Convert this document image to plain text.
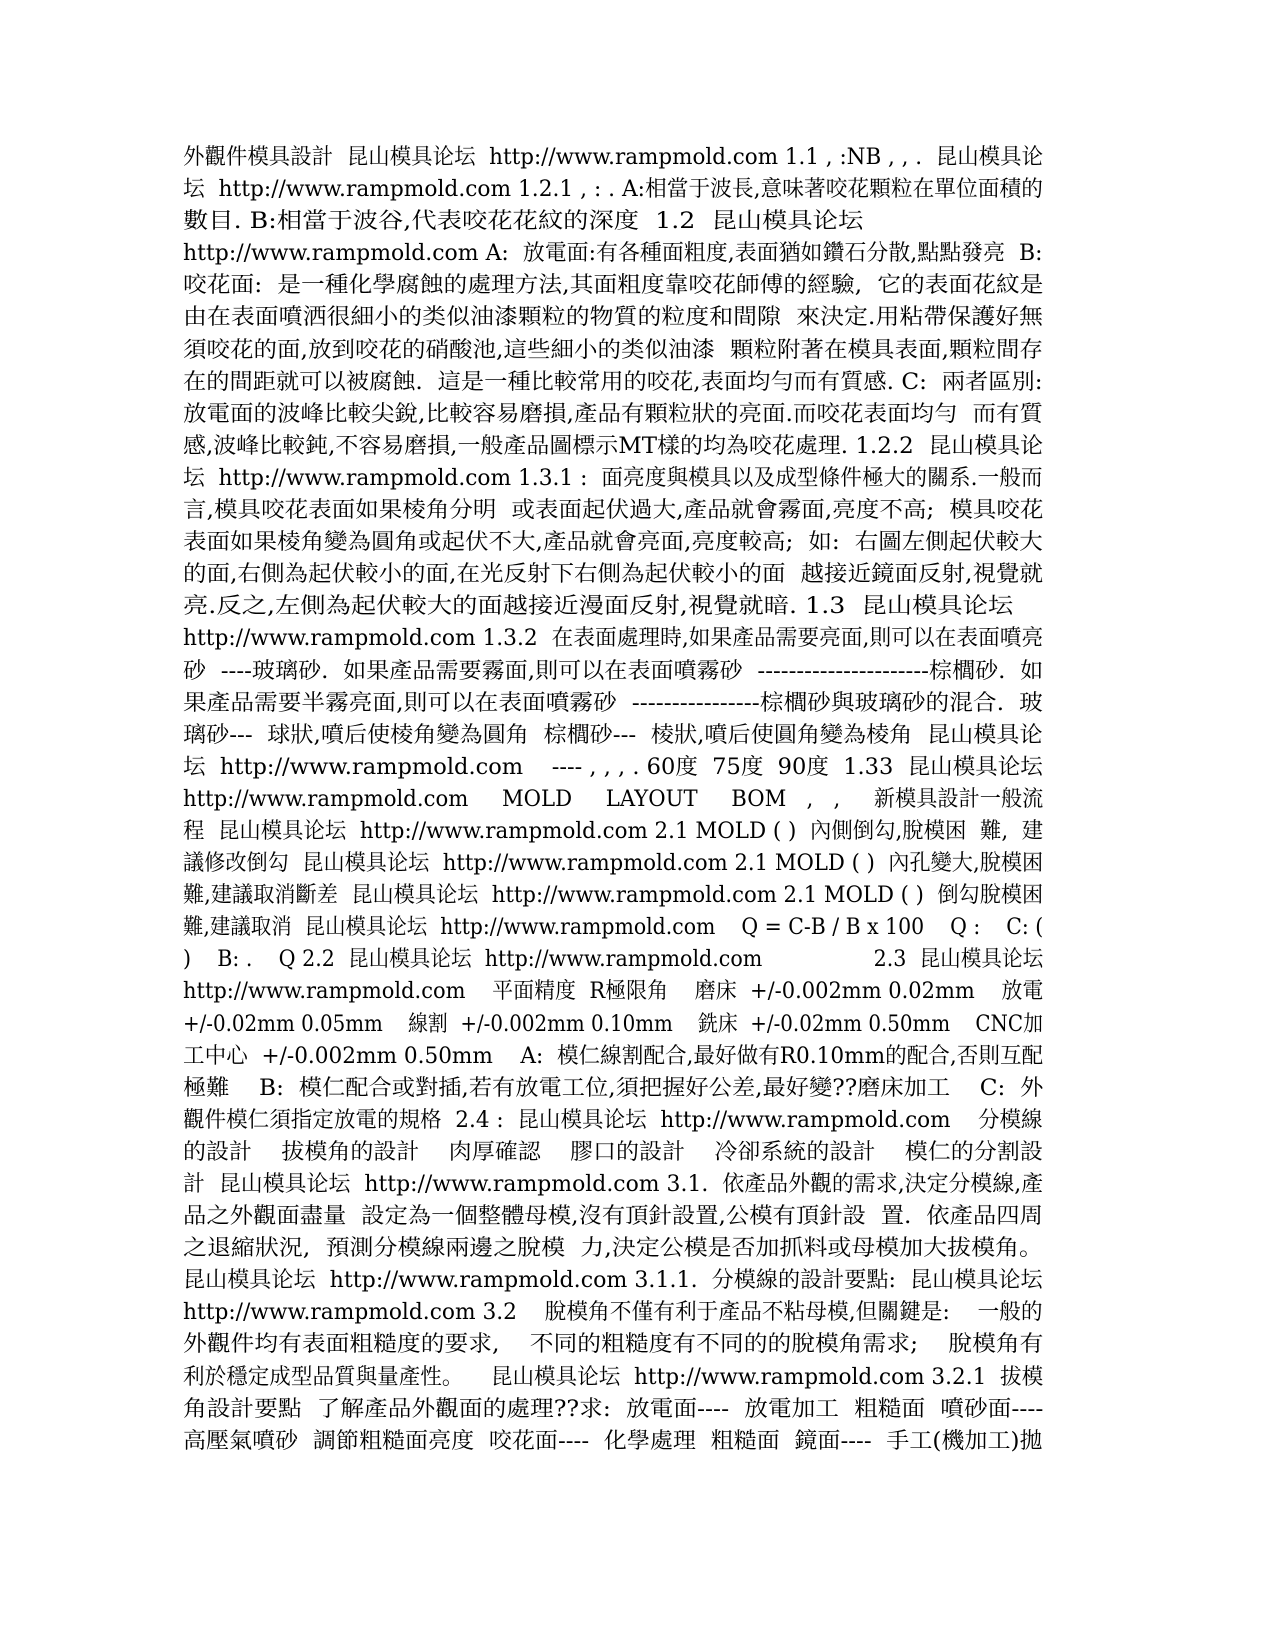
外觀件模具設計  昆山模具论坛  http://www.rampmold.com 1.1 , :NB , , .  昆山模具论
坛  http://www.rampmold.com 1.2.1 , : . A:相當于波長,意味著咬花顆粒在單位面積的
數目. B:相當于波谷,代表咬花花紋的深度  1.2  昆山模具论坛
http://www.rampmold.com A:  放電面:有各種面粗度,表面猶如鑽石分散,點點發亮  B:
咬花面:  是一種化學腐蝕的處理方法,其面粗度靠咬花師傅的經驗,  它的表面花紋是
由在表面噴洒很細小的类似油漆顆粒的物質的粒度和間隙  來決定.用粘帶保護好無
須咬花的面,放到咬花的硝酸池,這些細小的类似油漆  顆粒附著在模具表面,顆粒間存
在的間距就可以被腐蝕.  這是一種比較常用的咬花,表面均勻而有質感. C:  兩者區別:
放電面的波峰比較尖銳,比較容易磨損,產品有顆粒狀的亮面.而咬花表面均勻  而有質
感,波峰比較鈍,不容易磨損,一般產品圖標示MT樣的均為咬花處理. 1.2.2  昆山模具论
坛  http://www.rampmold.com 1.3.1 :  面亮度與模具以及成型條件極大的關系.一般而
言,模具咬花表面如果棱角分明  或表面起伏過大,產品就會霧面,亮度不高;  模具咬花
表面如果棱角變為圓角或起伏不大,產品就會亮面,亮度較高;  如:  右圖左側起伏較大
的面,右側為起伏較小的面,在光反射下右側為起伏較小的面  越接近鏡面反射,視覺就
亮.反之,左側為起伏較大的面越接近漫面反射,視覺就暗. 1.3  昆山模具论坛
http://www.rampmold.com 1.3.2  在表面處理時,如果產品需要亮面,則可以在表面噴亮
砂  ----玻璃砂.  如果產品需要霧面,則可以在表面噴霧砂  ----------------------棕櫚砂.  如
果產品需要半霧亮面,則可以在表面噴霧砂  ----------------棕櫚砂與玻璃砂的混合.  玻
璃砂---  球狀,噴后使棱角變為圓角  棕櫚砂---  棱狀,噴后使圓角變為棱角  昆山模具论
坛  http://www.rampmold.com    ---- , , , . 60度  75度  90度  1.33  昆山模具论坛
http://www.rampmold.com     MOLD     LAYOUT     BOM   ,   ,     新模具設計一般流
程  昆山模具论坛  http://www.rampmold.com 2.1 MOLD ( )  內側倒勾,脫模困  難,  建
議修改倒勾  昆山模具论坛  http://www.rampmold.com 2.1 MOLD ( )  內孔變大,脫模困
難,建議取消斷差  昆山模具论坛  http://www.rampmold.com 2.1 MOLD ( )  倒勾脫模困
難,建議取消  昆山模具论坛  http://www.rampmold.com    Q = C-B / B x 100    Q :    C: (
)    B: .    Q 2.2  昆山模具论坛  http://www.rampmold.com                 2.3  昆山模具论坛
http://www.rampmold.com    平面精度  R極限角    磨床  +/-0.002mm 0.02mm    放電
+/-0.02mm 0.05mm    線割  +/-0.002mm 0.10mm    銑床  +/-0.02mm 0.50mm    CNC加
工中心  +/-0.002mm 0.50mm    A:  模仁線割配合,最好做有R0.10mm的配合,否則互配
極難    B:  模仁配合或對插,若有放電工位,須把握好公差,最好變??磨床加工    C:  外
觀件模仁須指定放電的規格  2.4 :  昆山模具论坛  http://www.rampmold.com    分模線
的設計    拔模角的設計    肉厚確認    膠口的設計    冷卻系統的設計    模仁的分割設
計  昆山模具论坛  http://www.rampmold.com 3.1.  依產品外觀的需求,決定分模線,產
品之外觀面盡量  設定為一個整體母模,沒有頂針設置,公模有頂針設  置.  依產品四周
之退縮狀況,  預測分模線兩邊之脫模  力,決定公模是否加抓料或母模加大拔模角。
昆山模具论坛  http://www.rampmold.com 3.1.1.  分模線的設計要點:  昆山模具论坛
http://www.rampmold.com 3.2    脫模角不僅有利于產品不粘母模,但關鍵是:    一般的
外觀件均有表面粗糙度的要求,    不同的粗糙度有不同的的脫模角需求;    脫模角有
利於穩定成型品質與量產性。    昆山模具论坛  http://www.rampmold.com 3.2.1  拔模
角設計要點  了解產品外觀面的處理??求:  放電面----  放電加工  粗糙面  噴砂面----
高壓氣噴砂  調節粗糙面亮度  咬花面----  化學處理  粗糙面  鏡面----  手工(機加工)拋
